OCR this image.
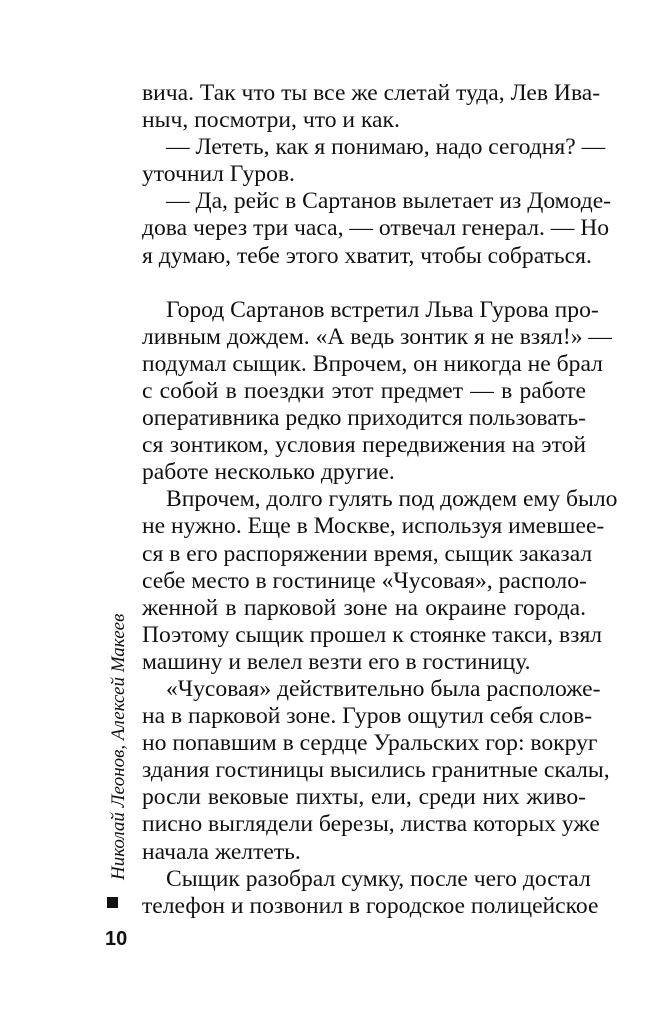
вича. Так что ты все же слетай туда, Лев Ива-
ныч, посмотри, что и как.
— Лететь, как я понимаю, надо сегодня? —
уточнил Гуров.
— Да, рейс в Сартанов вылетает из Домоде-
дова через три часа, — отвечал генерал. — Но
я думаю, тебе этого хватит, чтобы собраться.
Город Сартанов встретил Льва Гурова про-
ливным дождем. «А ведь зонтик я не взял!» —
подумал сыщик. Впрочем, он никогда не брал
с собой в поездки этот предмет — в работе
оперативника редко приходится пользовать-
ся зонтиком, условия передвижения на этой
работе несколько другие.
Впрочем, долго гулять под дождем ему было
не нужно. Еще в Москве, используя имевшее-
ся в его распоряжении время, сыщик заказал
себе место в гостинице «Чусовая», располо-
женной в парковой зоне на окраине города.
Поэтому сыщик прошел к стоянке такси, взял
машину и велел везти его в гостиницу.
«Чусовая» действительно была расположе-
на в парковой зоне. Гуров ощутил себя слов-
но попавшим в сердце Уральских гор: вокруг
здания гостиницы высились гранитные скалы,
росли вековые пихты, ели, среди них живо-
писно выглядели березы, листва которых уже
начала желтеть.
Сыщик разобрал сумку, после чего достал
телефон и позвонил в городское полицейское
Николай Леонов, Алексей Макеев
10
